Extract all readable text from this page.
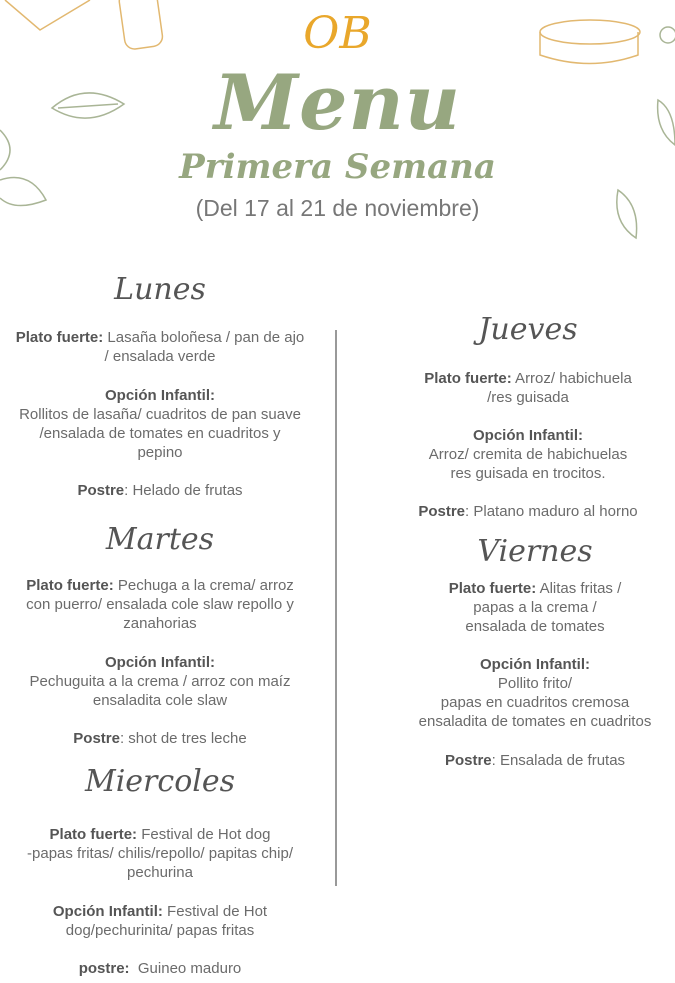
OB
Menu
Primera Semana
(Del 17 al 21 de noviembre)
Lunes
Plato fuerte: Lasaña boloñesa / pan de ajo
/ ensalada verde
Opción Infantil:
Rollitos de lasaña/ cuadritos de pan suave
/ensalada de tomates en cuadritos y
pepino
Postre: Helado de frutas
Martes
Plato fuerte: Pechuga a la crema/ arroz
con puerro/ ensalada cole slaw repollo y
zanahorias
Opción Infantil:
Pechuguita a la crema / arroz con maíz
ensaladita cole slaw
Postre: shot de tres leche
Miercoles
Plato fuerte: Festival de Hot dog
-papas fritas/ chilis/repollo/ papitas chip/
pechurina
Opción Infantil: Festival de Hot
dog/pechurinita/ papas fritas
postre:  Guineo maduro
Jueves
Plato fuerte: Arroz/ habichuela
/res guisada
Opción Infantil:
Arroz/ cremita de habichuelas
res guisada en trocitos.
Postre: Platano maduro al horno
Viernes
Plato fuerte: Alitas fritas /
papas a la crema /
ensalada de tomates
Opción Infantil:
Pollito frito/
papas en cuadritos cremosa
ensaladita de tomates en cuadritos
Postre: Ensalada de frutas
